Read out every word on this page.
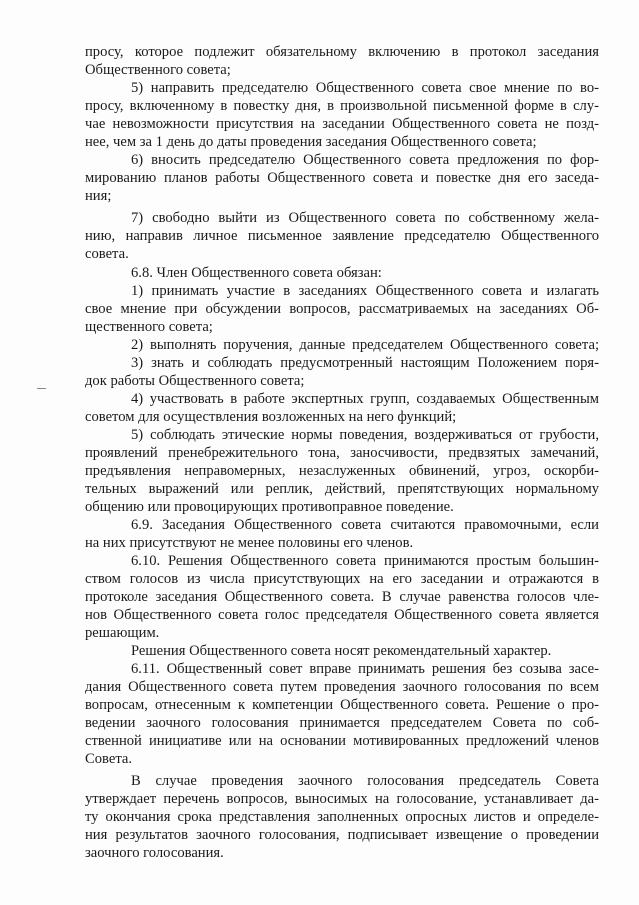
просу, которое подлежит обязательному включению в протокол заседания

Общественного совета;

5) направить председателю Общественного совета свое мнение по во-

просу, включенному в повестку дня, в произвольной письменной форме в слу-

чае невозможности присутствия на заседании Общественного совета не позд-

нее, чем за 1 день до даты проведения заседания Общественного совета;

6) вносить председателю Общественного совета предложения по фор-

мированию планов работы Общественного совета и повестке дня его заседа-

ния;

7) свободно выйти из Общественного совета по собственному жела-

нию, направив личное письменное заявление председателю Общественного

совета.

6.8. Член Общественного совета обязан:

1) принимать участие в заседаниях Общественного совета и излагать

свое мнение при обсуждении вопросов, рассматриваемых на заседаниях Об-

щественного совета;

2) выполнять поручения, данные председателем Общественного совета;

3) знать и соблюдать предусмотренный настоящим Положением поря-

док работы Общественного совета;

4) участвовать в работе экспертных групп, создаваемых Общественным

советом для осуществления возложенных на него функций;

5) соблюдать этические нормы поведения, воздерживаться от грубости,

проявлений пренебрежительного тона, заносчивости, предвзятых замечаний,

предъявления неправомерных, незаслуженных обвинений, угроз, оскорби-

тельных выражений или реплик, действий, препятствующих нормальному

общению или провоцирующих противоправное поведение.

6.9. Заседания Общественного совета считаются правомочными, если

на них присутствуют не менее половины его членов.

6.10. Решения Общественного совета принимаются простым большин-

ством голосов из числа присутствующих на его заседании и отражаются в

протоколе заседания Общественного совета. В случае равенства голосов чле-

нов Общественного совета голос председателя Общественного совета является

решающим.

Решения Общественного совета носят рекомендательный характер.

6.11. Общественный совет вправе принимать решения без созыва засе-

дания Общественного совета путем проведения заочного голосования по всем

вопросам, отнесенным к компетенции Общественного совета. Решение о про-

ведении заочного голосования принимается председателем Совета по соб-

ственной инициативе или на основании мотивированных предложений членов

Совета.

В случае проведения заочного голосования председатель Совета

утверждает перечень вопросов, выносимых на голосование, устанавливает да-

ту окончания срока представления заполненных опросных листов и определе-

ния результатов заочного голосования, подписывает извещение о проведении

заочного голосования.
